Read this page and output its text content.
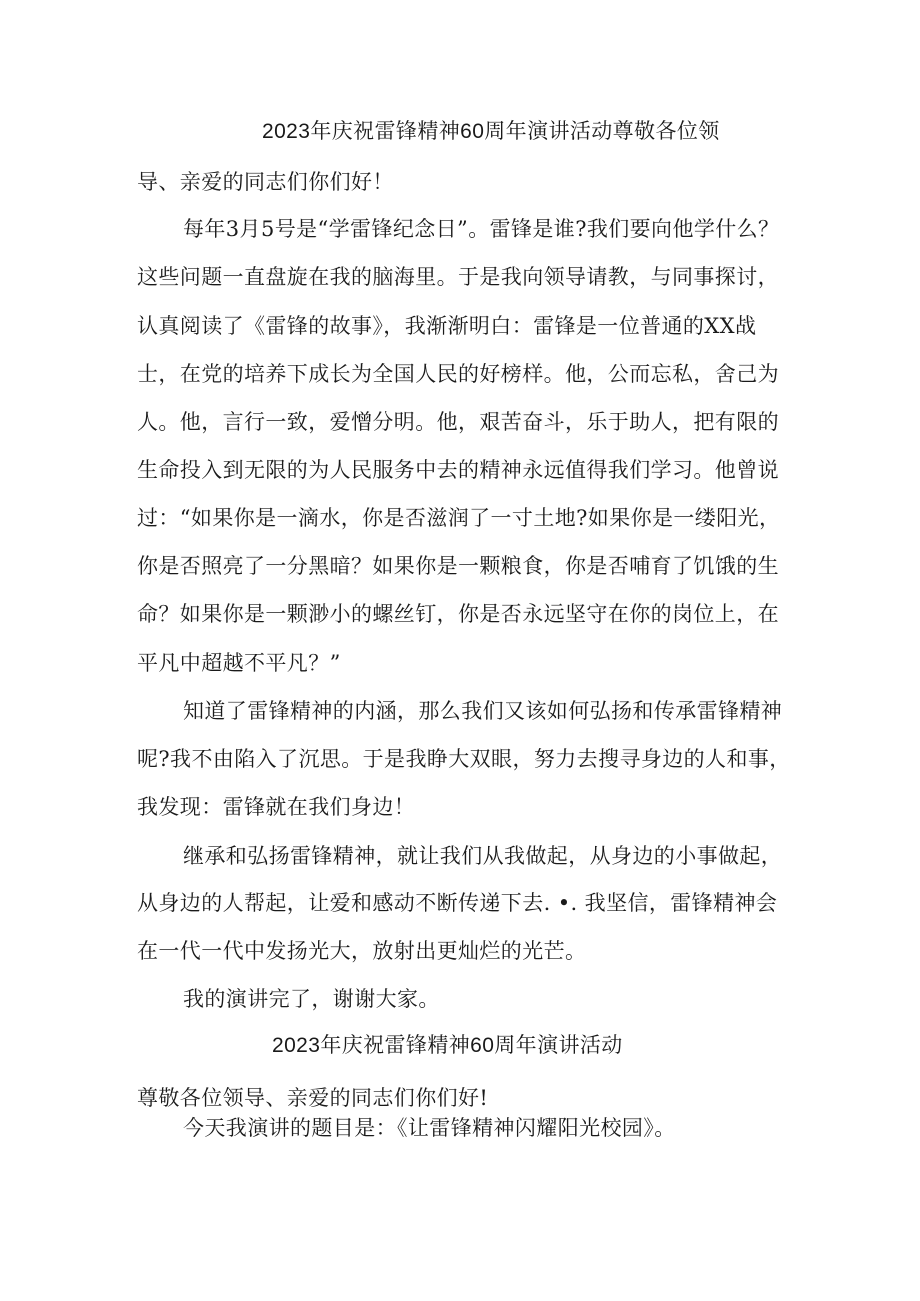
2023年庆祝雷锋精神60周年演讲活动尊敬各位领
导、亲爱的同志们你们好！
每年3月5号是“学雷锋纪念日”。雷锋是谁?我们要向他学什么？
这些问题一直盘旋在我的脑海里。于是我向领导请教，与同事探讨，
认真阅读了《雷锋的故事》，我渐渐明白：雷锋是一位普通的XX战
士，在党的培养下成长为全国人民的好榜样。他，公而忘私，舍己为
人。他，言行一致，爱憎分明。他，艰苦奋斗，乐于助人，把有限的
生命投入到无限的为人民服务中去的精神永远值得我们学习。他曾说
过：“如果你是一滴水，你是否滋润了一寸土地?如果你是一缕阳光，
你是否照亮了一分黑暗？如果你是一颗粮食，你是否哺育了饥饿的生
命？如果你是一颗渺小的螺丝钉，你是否永远坚守在你的岗位上，在
平凡中超越不平凡？”
知道了雷锋精神的内涵，那么我们又该如何弘扬和传承雷锋精神
呢?我不由陷入了沉思。于是我睁大双眼，努力去搜寻身边的人和事，
我发现：雷锋就在我们身边！
继承和弘扬雷锋精神，就让我们从我做起，从身边的小事做起，
从身边的人帮起，让爱和感动不断传递下去. •. 我坚信，雷锋精神会
在一代一代中发扬光大，放射出更灿烂的光芒。
我的演讲完了，谢谢大家。
2023年庆祝雷锋精神60周年演讲活动
尊敬各位领导、亲爱的同志们你们好!
今天我演讲的题目是：《让雷锋精神闪耀阳光校园》。
